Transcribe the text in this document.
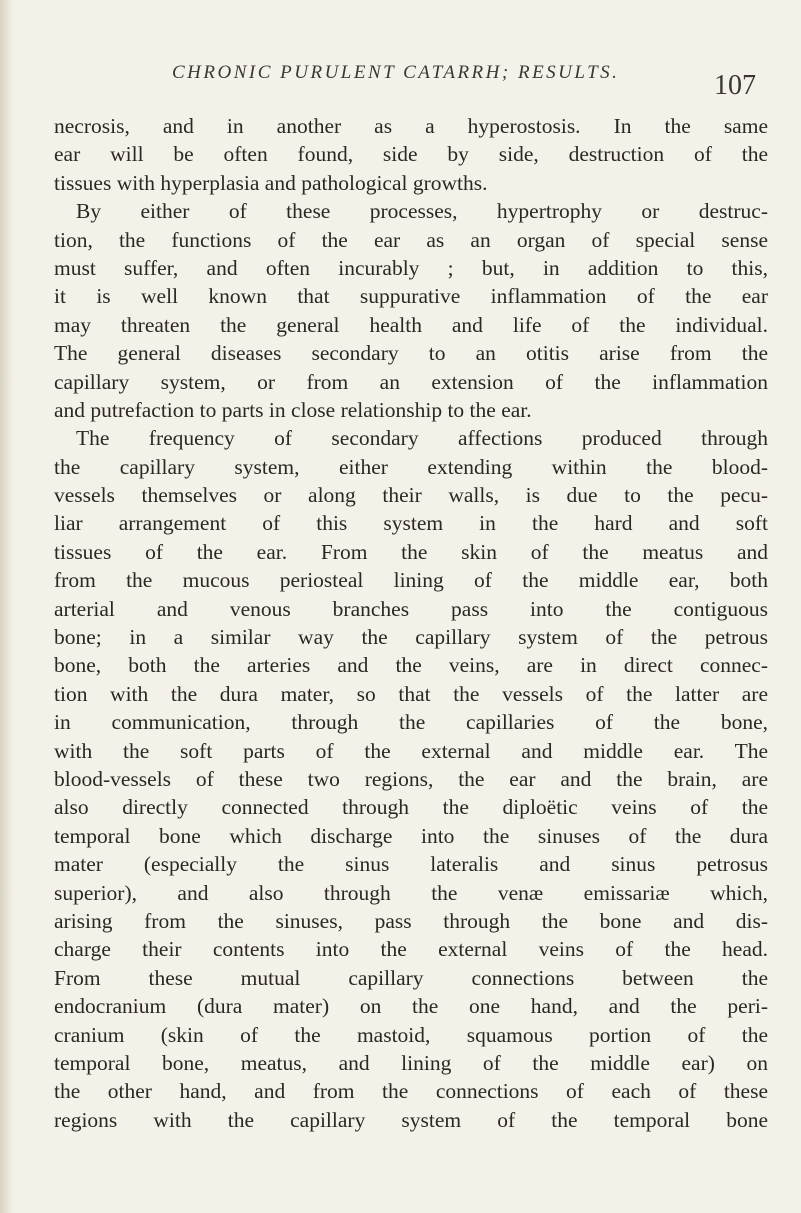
CHRONIC PURULENT CATARRH; RESULTS.	107
necrosis, and in another as a hyperostosis. In the same
ear will be often found, side by side, destruction of the
tissues with hyperplasia and pathological growths.
By either of these processes, hypertrophy or destruc-
tion, the functions of the ear as an organ of special sense
must suffer, and often incurably ; but, in addition to this,
it is well known that suppurative inflammation of the ear
may threaten the general health and life of the individual.
The general diseases secondary to an otitis arise from the
capillary system, or from an extension of the inflammation
and putrefaction to parts in close relationship to the ear.
The frequency of secondary affections produced through
the capillary system, either extending within the blood-
vessels themselves or along their walls, is due to the pecu-
liar arrangement of this system in the hard and soft
tissues of the ear. From the skin of the meatus and
from the mucous periosteal lining of the middle ear, both
arterial and venous branches pass into the contiguous
bone; in a similar way the capillary system of the petrous
bone, both the arteries and the veins, are in direct connec-
tion with the dura mater, so that the vessels of the latter are
in communication, through the capillaries of the bone,
with the soft parts of the external and middle ear. The
blood-vessels of these two regions, the ear and the brain, are
also directly connected through the diploëtic veins of the
temporal bone which discharge into the sinuses of the dura
mater (especially the sinus lateralis and sinus petrosus
superior), and also through the venæ emissariæ which,
arising from the sinuses, pass through the bone and dis-
charge their contents into the external veins of the head.
From these mutual capillary connections between the
endocranium (dura mater) on the one hand, and the peri-
cranium (skin of the mastoid, squamous portion of the
temporal bone, meatus, and lining of the middle ear) on
the other hand, and from the connections of each of these
regions with the capillary system of the temporal bone
